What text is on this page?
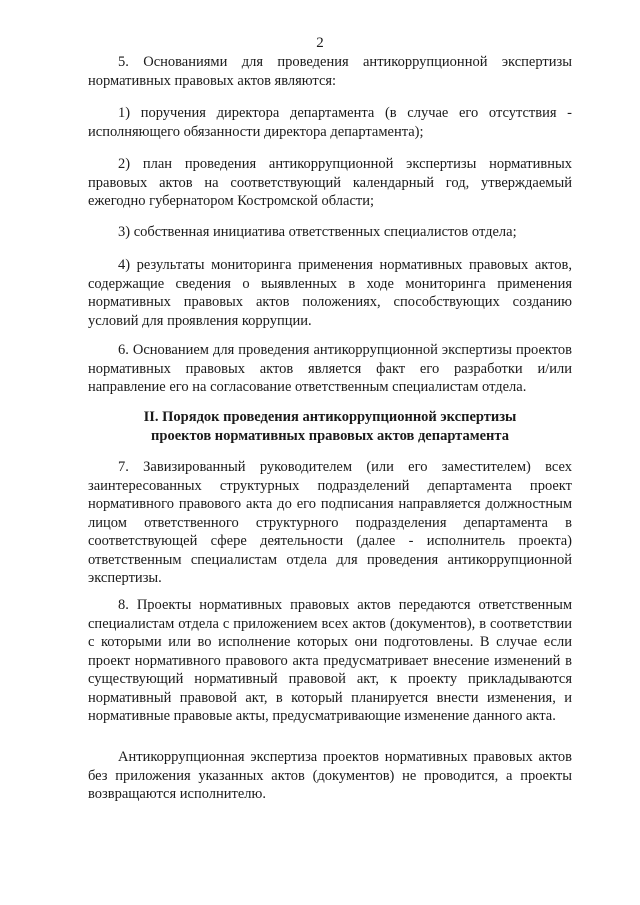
2

5. Основаниями для проведения антикоррупционной экспертизы нормативных правовых актов являются:

1) поручения директора департамента (в случае его отсутствия - исполняющего обязанности директора департамента);

2) план проведения антикоррупционной экспертизы нормативных правовых актов на соответствующий календарный год, утверждаемый ежегодно губернатором Костромской области;

3) собственная инициатива ответственных специалистов отдела;

4) результаты мониторинга применения нормативных правовых актов, содержащие сведения о выявленных в ходе мониторинга применения нормативных правовых актов положениях, способствующих созданию условий для проявления коррупции.

6. Основанием для проведения антикоррупционной экспертизы проектов нормативных правовых актов является факт его разработки и/или направление его на согласование ответственным специалистам отдела.

II. Порядок проведения антикоррупционной экспертизы
проектов нормативных правовых актов департамента

7. Завизированный руководителем (или его заместителем) всех заинтересованных структурных подразделений департамента проект нормативного правового акта до его подписания направляется должностным лицом ответственного структурного подразделения департамента в соответствующей сфере деятельности (далее - исполнитель проекта) ответственным специалистам отдела для проведения антикоррупционной экспертизы.

8. Проекты нормативных правовых актов передаются ответственным специалистам отдела с приложением всех актов (документов), в соответствии с которыми или во исполнение которых они подготовлены. В случае если проект нормативного правового акта предусматривает внесение изменений в существующий нормативный правовой акт, к проекту прикладываются нормативный правовой акт, в который планируется внести изменения, и нормативные правовые акты, предусматривающие изменение данного акта.

Антикоррупционная экспертиза проектов нормативных правовых актов без приложения указанных актов (документов) не проводится, а проекты возвращаются исполнителю.
